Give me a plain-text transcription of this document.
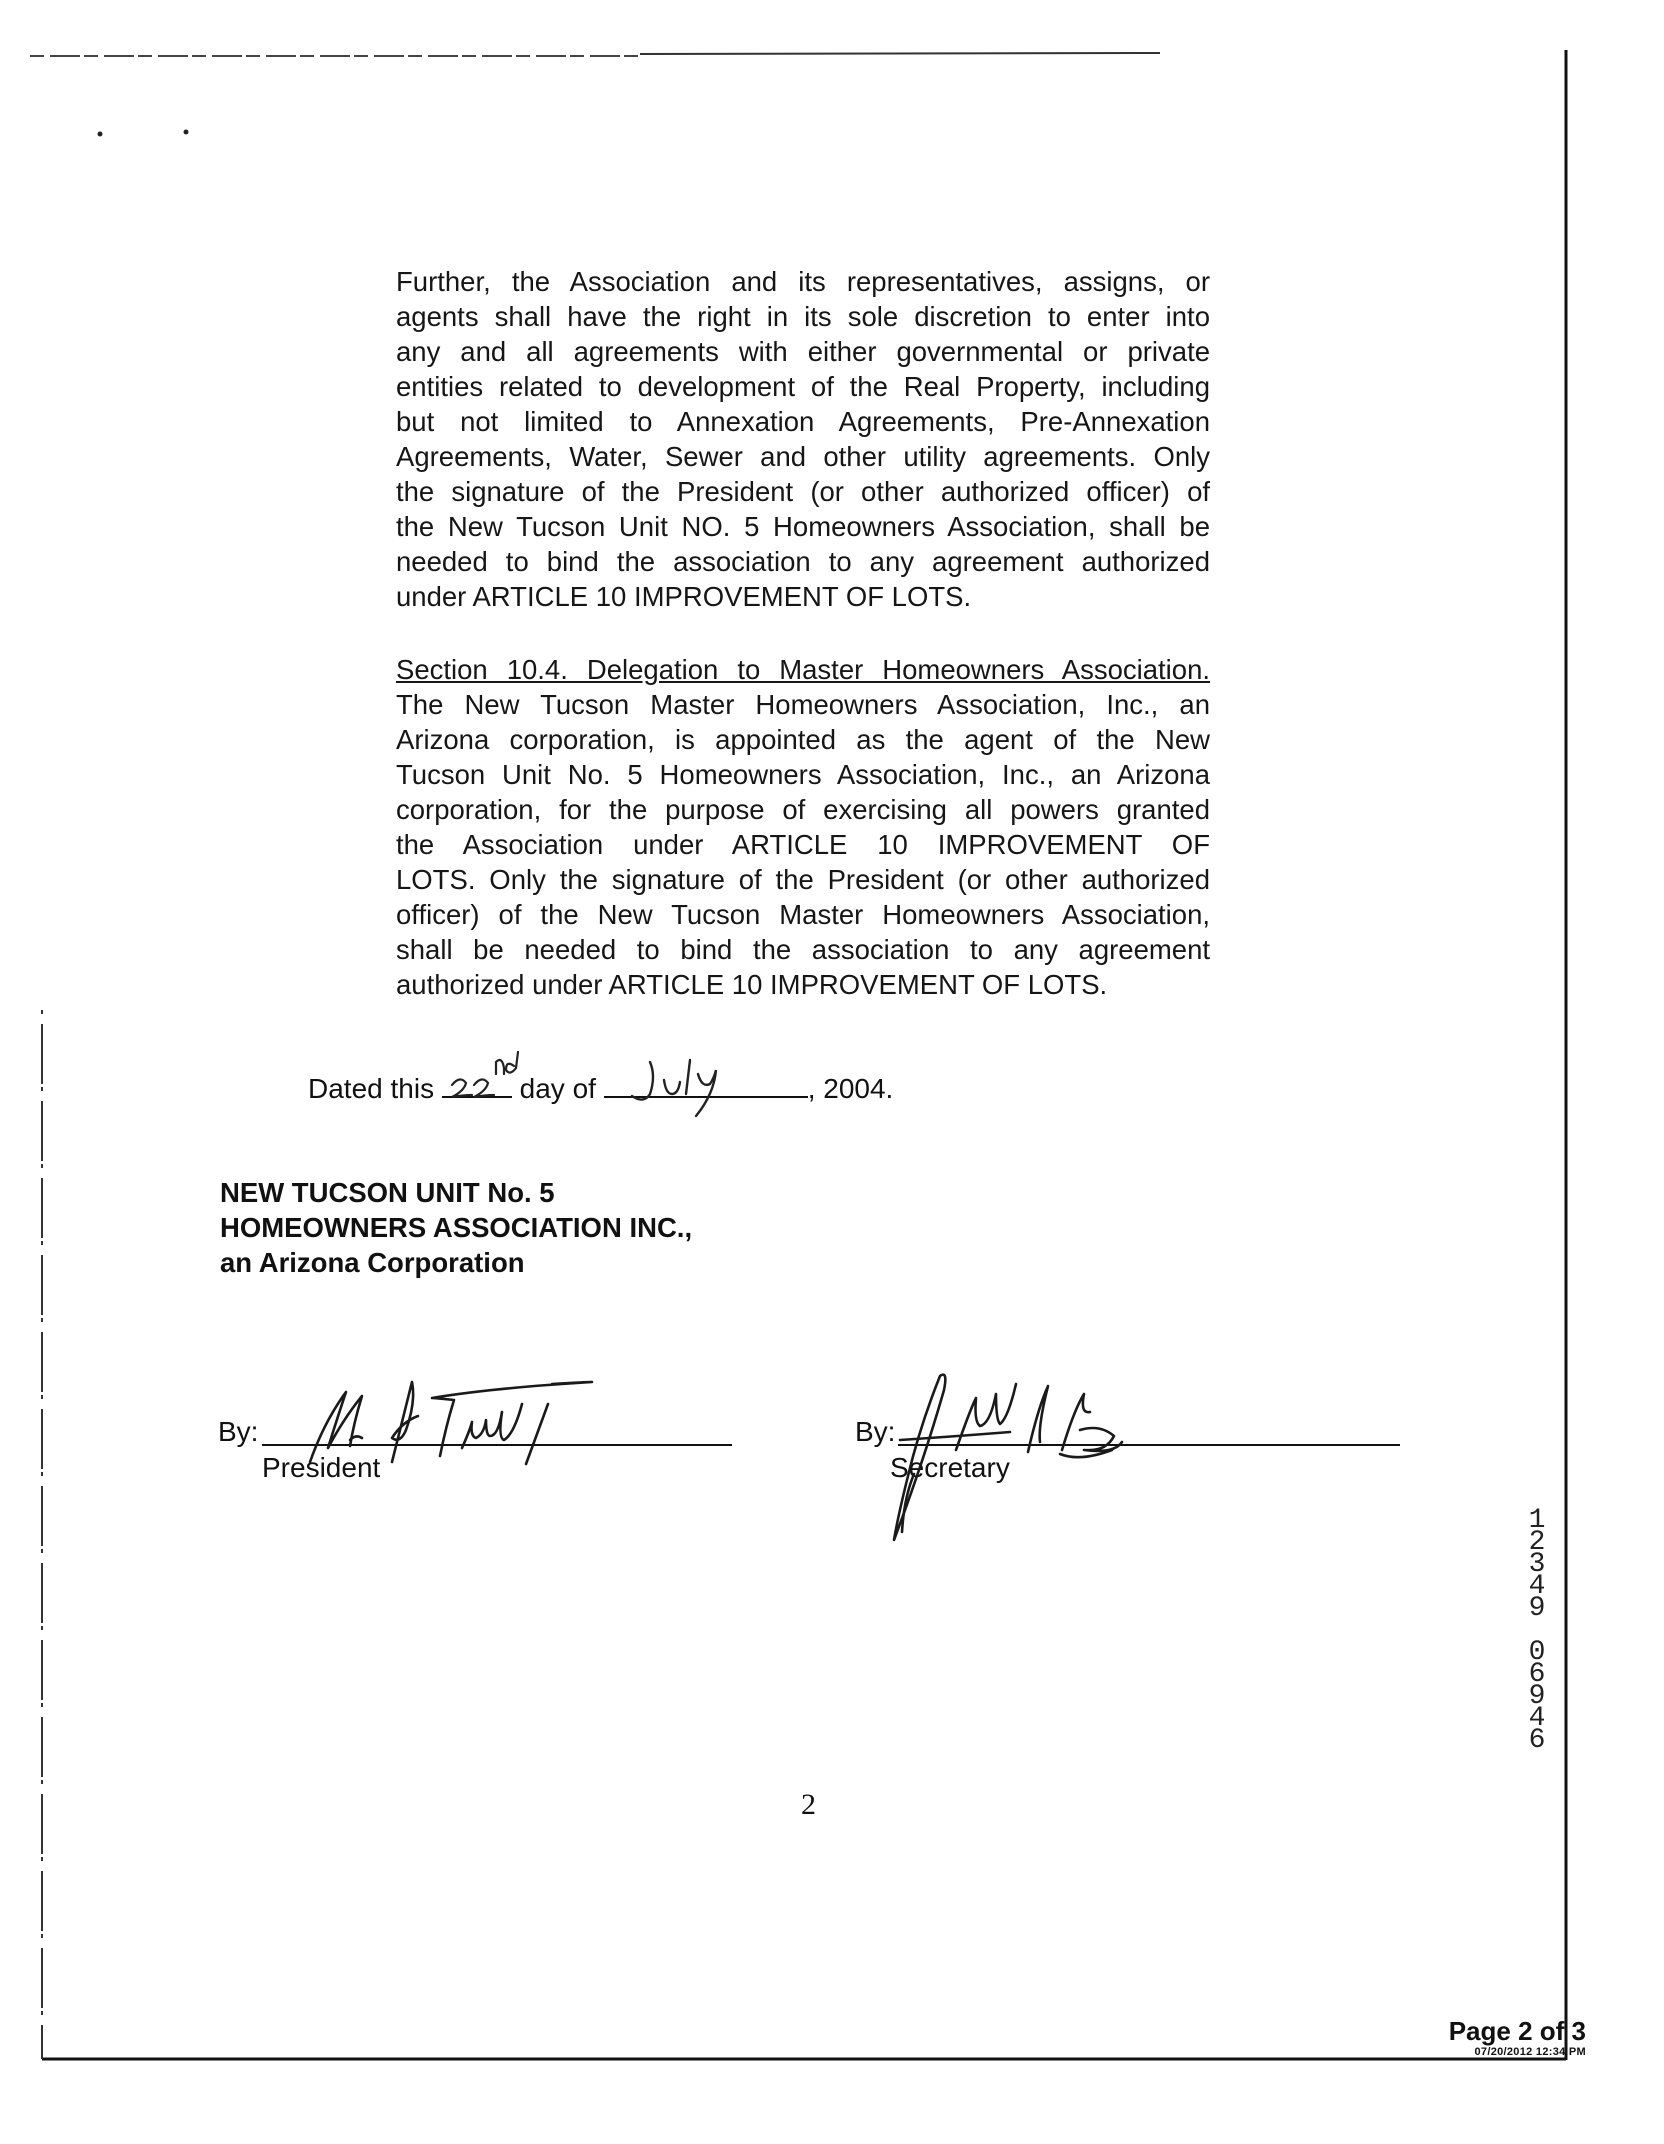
Further, the Association and its representatives, assigns, or
agents shall have the right in its sole discretion to enter into
any and all agreements with either governmental or private
entities related to development of the Real Property, including
but not limited to Annexation Agreements, Pre-Annexation
Agreements, Water, Sewer and other utility agreements. Only
the signature of the President (or other authorized officer) of
the New Tucson Unit NO. 5 Homeowners Association, shall be
needed to bind the association to any agreement authorized
under ARTICLE 10 IMPROVEMENT OF LOTS.
Section 10.4. Delegation to Master Homeowners Association.
The New Tucson Master Homeowners Association, Inc., an
Arizona corporation, is appointed as the agent of the New
Tucson Unit No. 5 Homeowners Association, Inc., an Arizona
corporation, for the purpose of exercising all powers granted
the Association under ARTICLE 10 IMPROVEMENT OF
LOTS. Only the signature of the President (or other authorized
officer) of the New Tucson Master Homeowners Association,
shall be needed to bind the association to any agreement
authorized under ARTICLE 10 IMPROVEMENT OF LOTS.
Dated this	day of	, 2004.
NEW TUCSON UNIT No. 5
HOMEOWNERS ASSOCIATION INC.,
an Arizona Corporation
By:
President
By:
Secretary
1
2
3
4
9
0
6
9
4
6
2
Page 2 of 3
07/20/2012 12:34 PM
